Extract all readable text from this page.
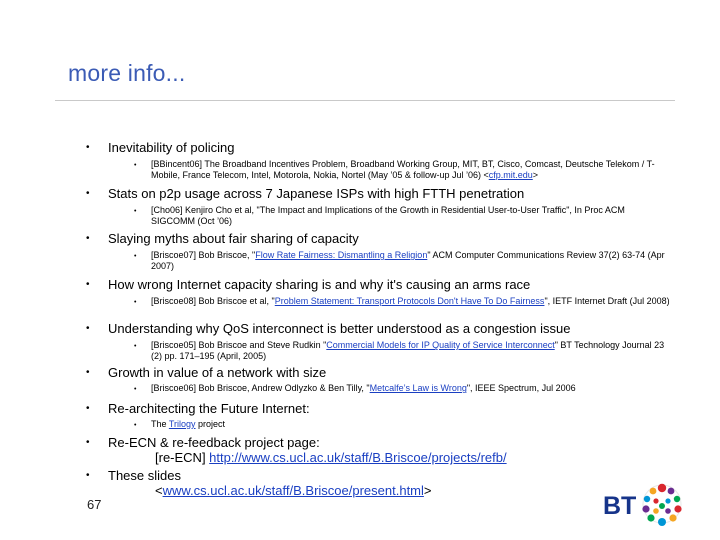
more info...
• Inevitability of policing
• [BBincent06] The Broadband Incentives Problem, Broadband Working Group, MIT, BT, Cisco, Comcast, Deutsche Telekom / T-Mobile, France Telecom, Intel, Motorola, Nokia, Nortel (May ’05 & follow-up Jul ’06) <cfp.mit.edu>
• Stats on p2p usage across 7 Japanese ISPs with high FTTH penetration
• [Cho06] Kenjiro Cho et al, "The Impact and Implications of the Growth in Residential User-to-User Traffic", In Proc ACM SIGCOMM (Oct ’06)
• Slaying myths about fair sharing of capacity
• [Briscoe07] Bob Briscoe, "Flow Rate Fairness: Dismantling a Religion" ACM Computer Communications Review 37(2) 63-74 (Apr 2007)
• How wrong Internet capacity sharing is and why it's causing an arms race
• [Briscoe08] Bob Briscoe et al, "Problem Statement: Transport Protocols Don't Have To Do Fairness", IETF Internet Draft (Jul 2008)
• Understanding why QoS interconnect is better understood as a congestion issue
• [Briscoe05] Bob Briscoe and Steve Rudkin "Commercial Models for IP Quality of Service Interconnect" BT Technology Journal 23 (2) pp. 171–195 (April, 2005)
• Growth in value of a network with size
• [Briscoe06] Bob Briscoe, Andrew Odlyzko & Ben Tilly, "Metcalfe’s Law is Wrong", IEEE Spectrum, Jul 2006
• Re-architecting the Future Internet:
• The Trilogy project
• Re-ECN & re-feedback project page:
[re-ECN] http://www.cs.ucl.ac.uk/staff/B.Briscoe/projects/refb/
• These slides
<www.cs.ucl.ac.uk/staff/B.Briscoe/present.html>
67	BT
